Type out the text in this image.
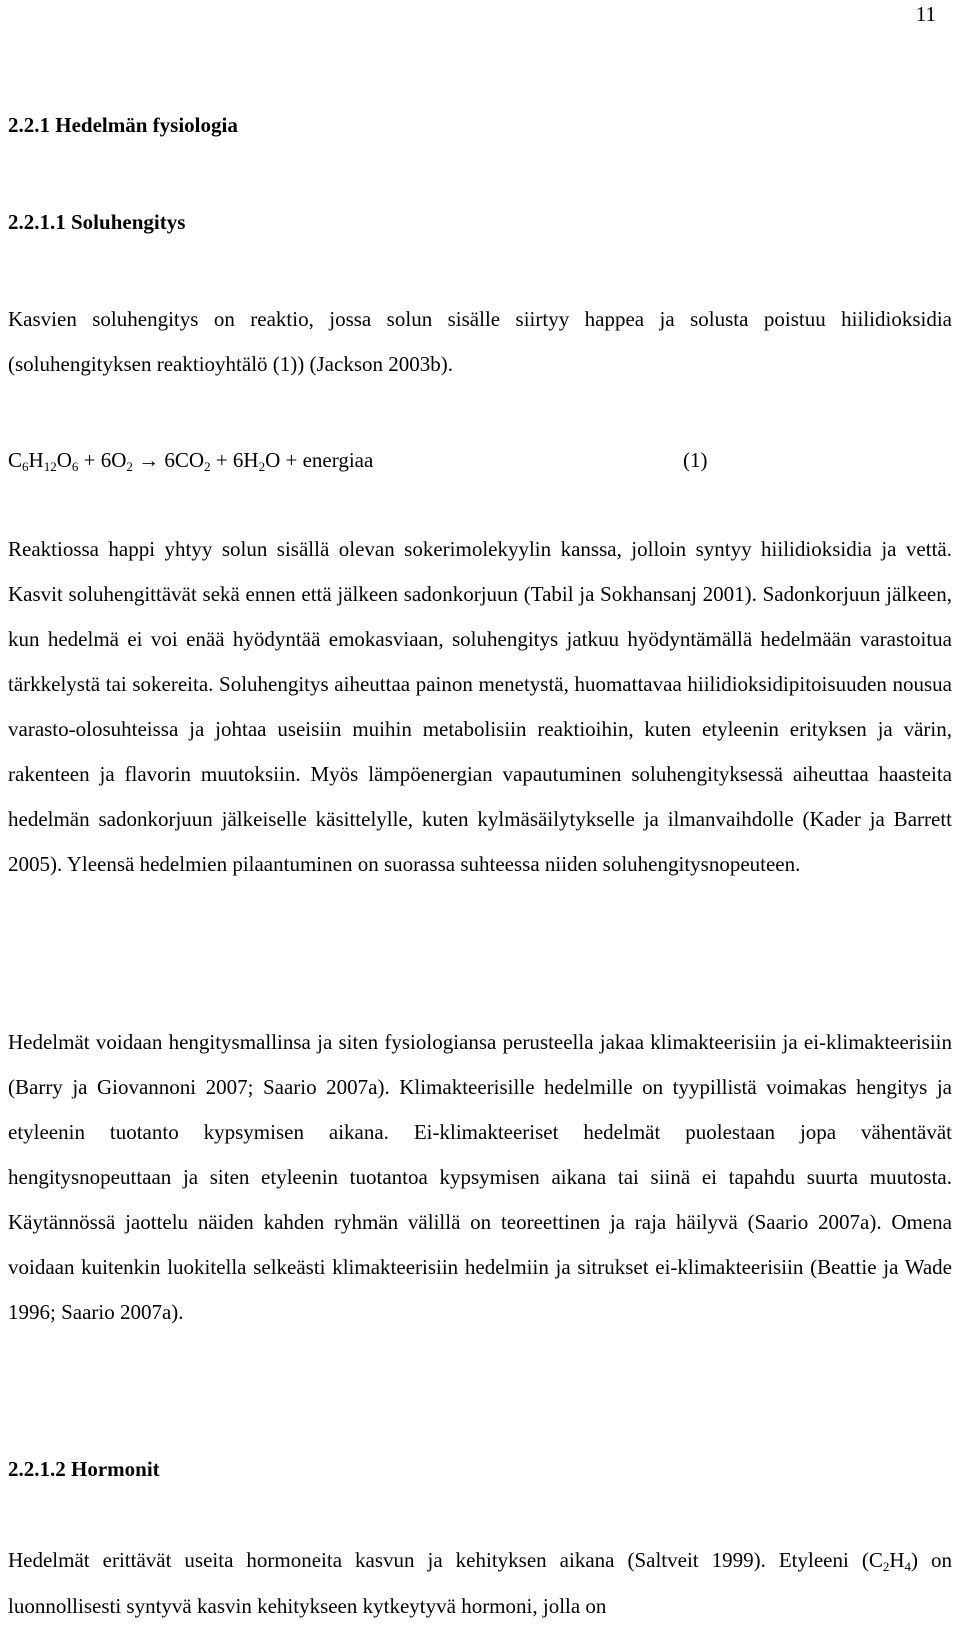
11
2.2.1 Hedelmän fysiologia
2.2.1.1 Soluhengitys

Kasvien soluhengitys on reaktio, jossa solun sisälle siirtyy happea ja solusta poistuu hiilidioksidia (soluhengityksen reaktioyhtälö (1)) (Jackson 2003b).

$C_6H_{12}O_6 + 6O_2 \to 6CO_2 + 6H_2O$ + energiaa	(1)

Reaktiossa happi yhtyy solun sisällä olevan sokerimolekyylin kanssa, jolloin syntyy hiilidioksidia ja vettä. Kasvit soluhengittävät sekä ennen että jälkeen sadonkorjuun (Tabil ja Sokhansanj 2001). Sadonkorjuun jälkeen, kun hedelmä ei voi enää hyödyntää emokasviaan, soluhengitys jatkuu hyödyntämällä hedelmään varastoitua tärkkelystä tai sokereita. Soluhengitys aiheuttaa painon menetystä, huomattavaa hiilidioksidipitoisuuden nousua varasto-olosuhteissa ja johtaa useisiin muihin metabolisiin reaktioihin, kuten etyleenin erityksen ja värin, rakenteen ja flavorin muutoksiin. Myös lämpöenergian vapautuminen soluhengityksessä aiheuttaa haasteita hedelmän sadonkorjuun jälkeiselle käsittelylle, kuten kylmäsäilytykselle ja ilmanvaihdolle (Kader ja Barrett 2005). Yleensä hedelmien pilaantuminen on suorassa suhteessa niiden soluhengitysnopeuteen.

Hedelmät voidaan hengitysmallinsa ja siten fysiologiansa perusteella jakaa klimakteerisiin ja ei-klimakteerisiin (Barry ja Giovannoni 2007; Saario 2007a). Klimakteerisille hedelmille on tyypillistä voimakas hengitys ja etyleenin tuotanto kypsymisen aikana. Ei-klimakteeriset hedelmät puolestaan jopa vähentävät hengitysnopeuttaan ja siten etyleenin tuotantoa kypsymisen aikana tai siinä ei tapahdu suurta muutosta. Käytännössä jaottelu näiden kahden ryhmän välillä on teoreettinen ja raja häilyvä (Saario 2007a). Omena voidaan kuitenkin luokitella selkeästi klimakteerisiin hedelmiin ja sitrukset ei-klimakteerisiin (Beattie ja Wade 1996; Saario 2007a).

2.2.1.2 Hormonit

Hedelmät erittävät useita hormoneita kasvun ja kehityksen aikana (Saltveit 1999). Etyleeni $(C_2H_4)$ on luonnollisesti syntyvä kasvin kehitykseen kytkeytyvä hormoni, jolla on
